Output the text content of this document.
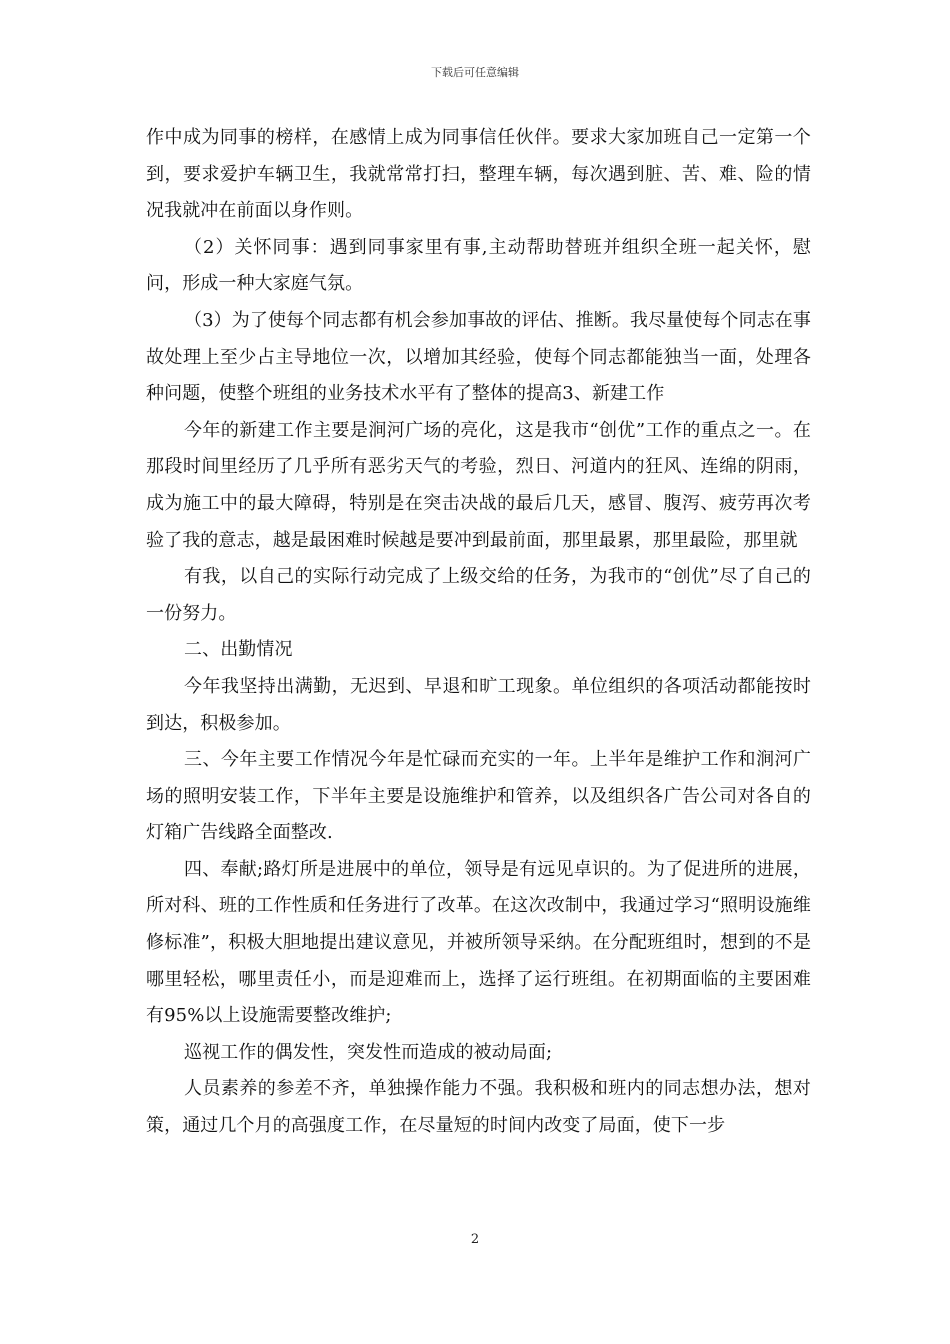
下载后可任意编辑

作中成为同事的榜样，在感情上成为同事信任伙伴。要求大家加班自己一定第一个到，要求爱护车辆卫生，我就常常打扫，整理车辆，每次遇到脏、苦、难、险的情况我就冲在前面以身作则。

（2）关怀同事：遇到同事家里有事,主动帮助替班并组织全班一起关怀，慰问，形成一种大家庭气氛。

（3）为了使每个同志都有机会参加事故的评估、推断。我尽量使每个同志在事故处理上至少占主导地位一次，以增加其经验，使每个同志都能独当一面，处理各种问题，使整个班组的业务技术水平有了整体的提高3、新建工作

今年的新建工作主要是涧河广场的亮化，这是我市“创优”工作的重点之一。在那段时间里经历了几乎所有恶劣天气的考验，烈日、河道内的狂风、连绵的阴雨，成为施工中的最大障碍，特别是在突击决战的最后几天，感冒、腹泻、疲劳再次考验了我的意志，越是最困难时候越是要冲到最前面，那里最累，那里最险，那里就

有我，以自己的实际行动完成了上级交给的任务，为我市的“创优”尽了自己的一份努力。

二、出勤情况

今年我坚持出满勤，无迟到、早退和旷工现象。单位组织的各项活动都能按时到达，积极参加。

三、今年主要工作情况今年是忙碌而充实的一年。上半年是维护工作和涧河广场的照明安装工作，下半年主要是设施维护和管养，以及组织各广告公司对各自的灯箱广告线路全面整改.

四、奉献;路灯所是进展中的单位，领导是有远见卓识的。为了促进所的进展，所对科、班的工作性质和任务进行了改革。在这次改制中，我通过学习“照明设施维修标准”，积极大胆地提出建议意见，并被所领导采纳。在分配班组时，想到的不是哪里轻松，哪里责任小，而是迎难而上，选择了运行班组。在初期面临的主要困难有95%以上设施需要整改维护;

巡视工作的偶发性，突发性而造成的被动局面;

人员素养的参差不齐，单独操作能力不强。我积极和班内的同志想办法，想对策，通过几个月的高强度工作，在尽量短的时间内改变了局面，使下一步

2
